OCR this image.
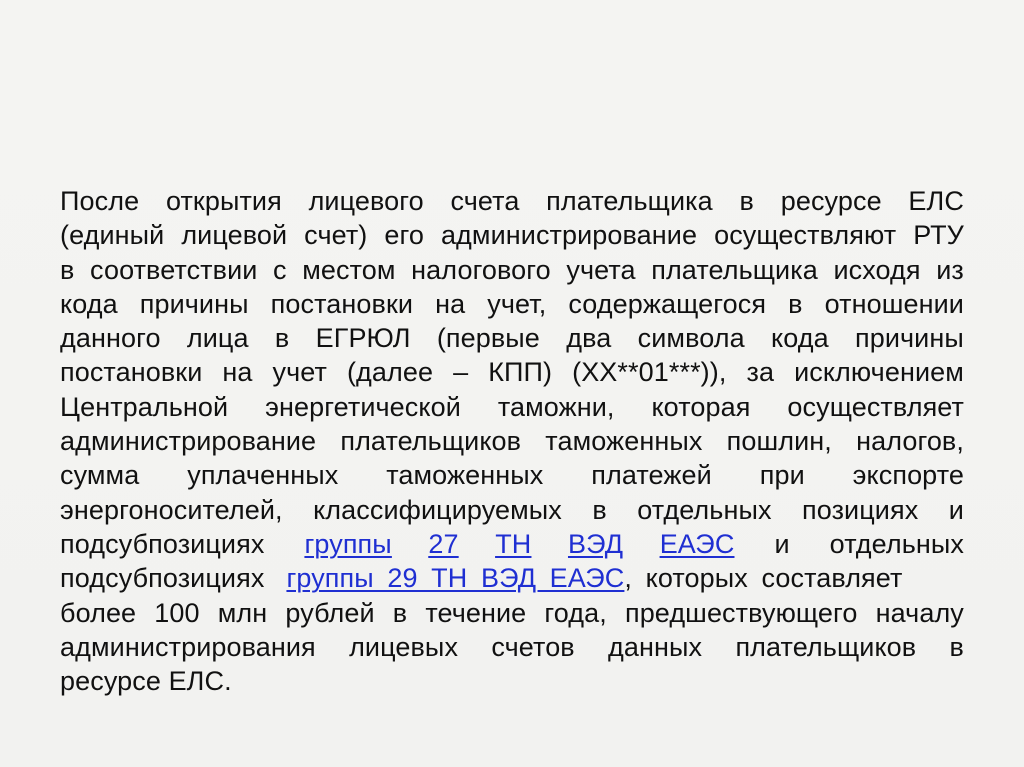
После открытия лицевого счета плательщика в ресурсе ЕЛС
(единый лицевой счет) его администрирование осуществляют РТУ
в соответствии с местом налогового учета плательщика исходя из
кода причины постановки на учет, содержащегося в отношении
данного лица в ЕГРЮЛ (первые два символа кода причины
постановки на учет (далее – КПП) (XX**01***)), за исключением
Центральной энергетической таможни, которая осуществляет
администрирование плательщиков таможенных пошлин, налогов,
сумма уплаченных таможенных платежей при экспорте
энергоносителей, классифицируемых в отдельных позициях и
подсубпозициях группы 27 ТН ВЭД ЕАЭС и отдельных
подсубпозициях группы 29 ТН ВЭД ЕАЭС , которых составляет
более 100 млн рублей в течение года, предшествующего началу
администрирования лицевых счетов данных плательщиков в
ресурсе ЕЛС.
